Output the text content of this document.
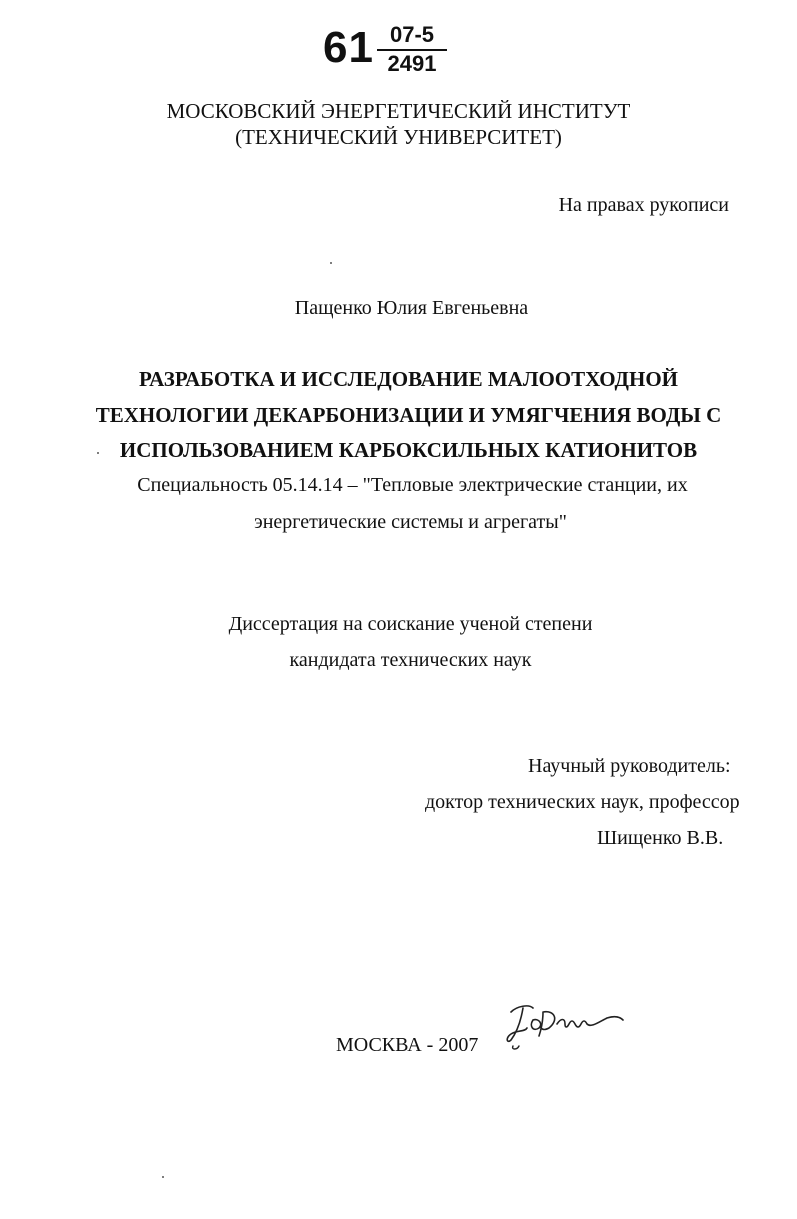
61 07-5
2491
МОСКОВСКИЙ ЭНЕРГЕТИЧЕСКИЙ ИНСТИТУТ
(ТЕХНИЧЕСКИЙ УНИВЕРСИТЕТ)
На правах рукописи
Пащенко Юлия Евгеньевна
РАЗРАБОТКА И ИССЛЕДОВАНИЕ МАЛООТХОДНОЙ
ТЕХНОЛОГИИ ДЕКАРБОНИЗАЦИИ И УМЯГЧЕНИЯ ВОДЫ С
ИСПОЛЬЗОВАНИЕМ КАРБОКСИЛЬНЫХ КАТИОНИТОВ
Специальность 05.14.14 – "Тепловые электрические станции, их
энергетические системы и агрегаты"
Диссертация на соискание ученой степени
кандидата технических наук
Научный руководитель:
доктор технических наук, профессор
Шищенко В.В.
МОСКВА - 2007
